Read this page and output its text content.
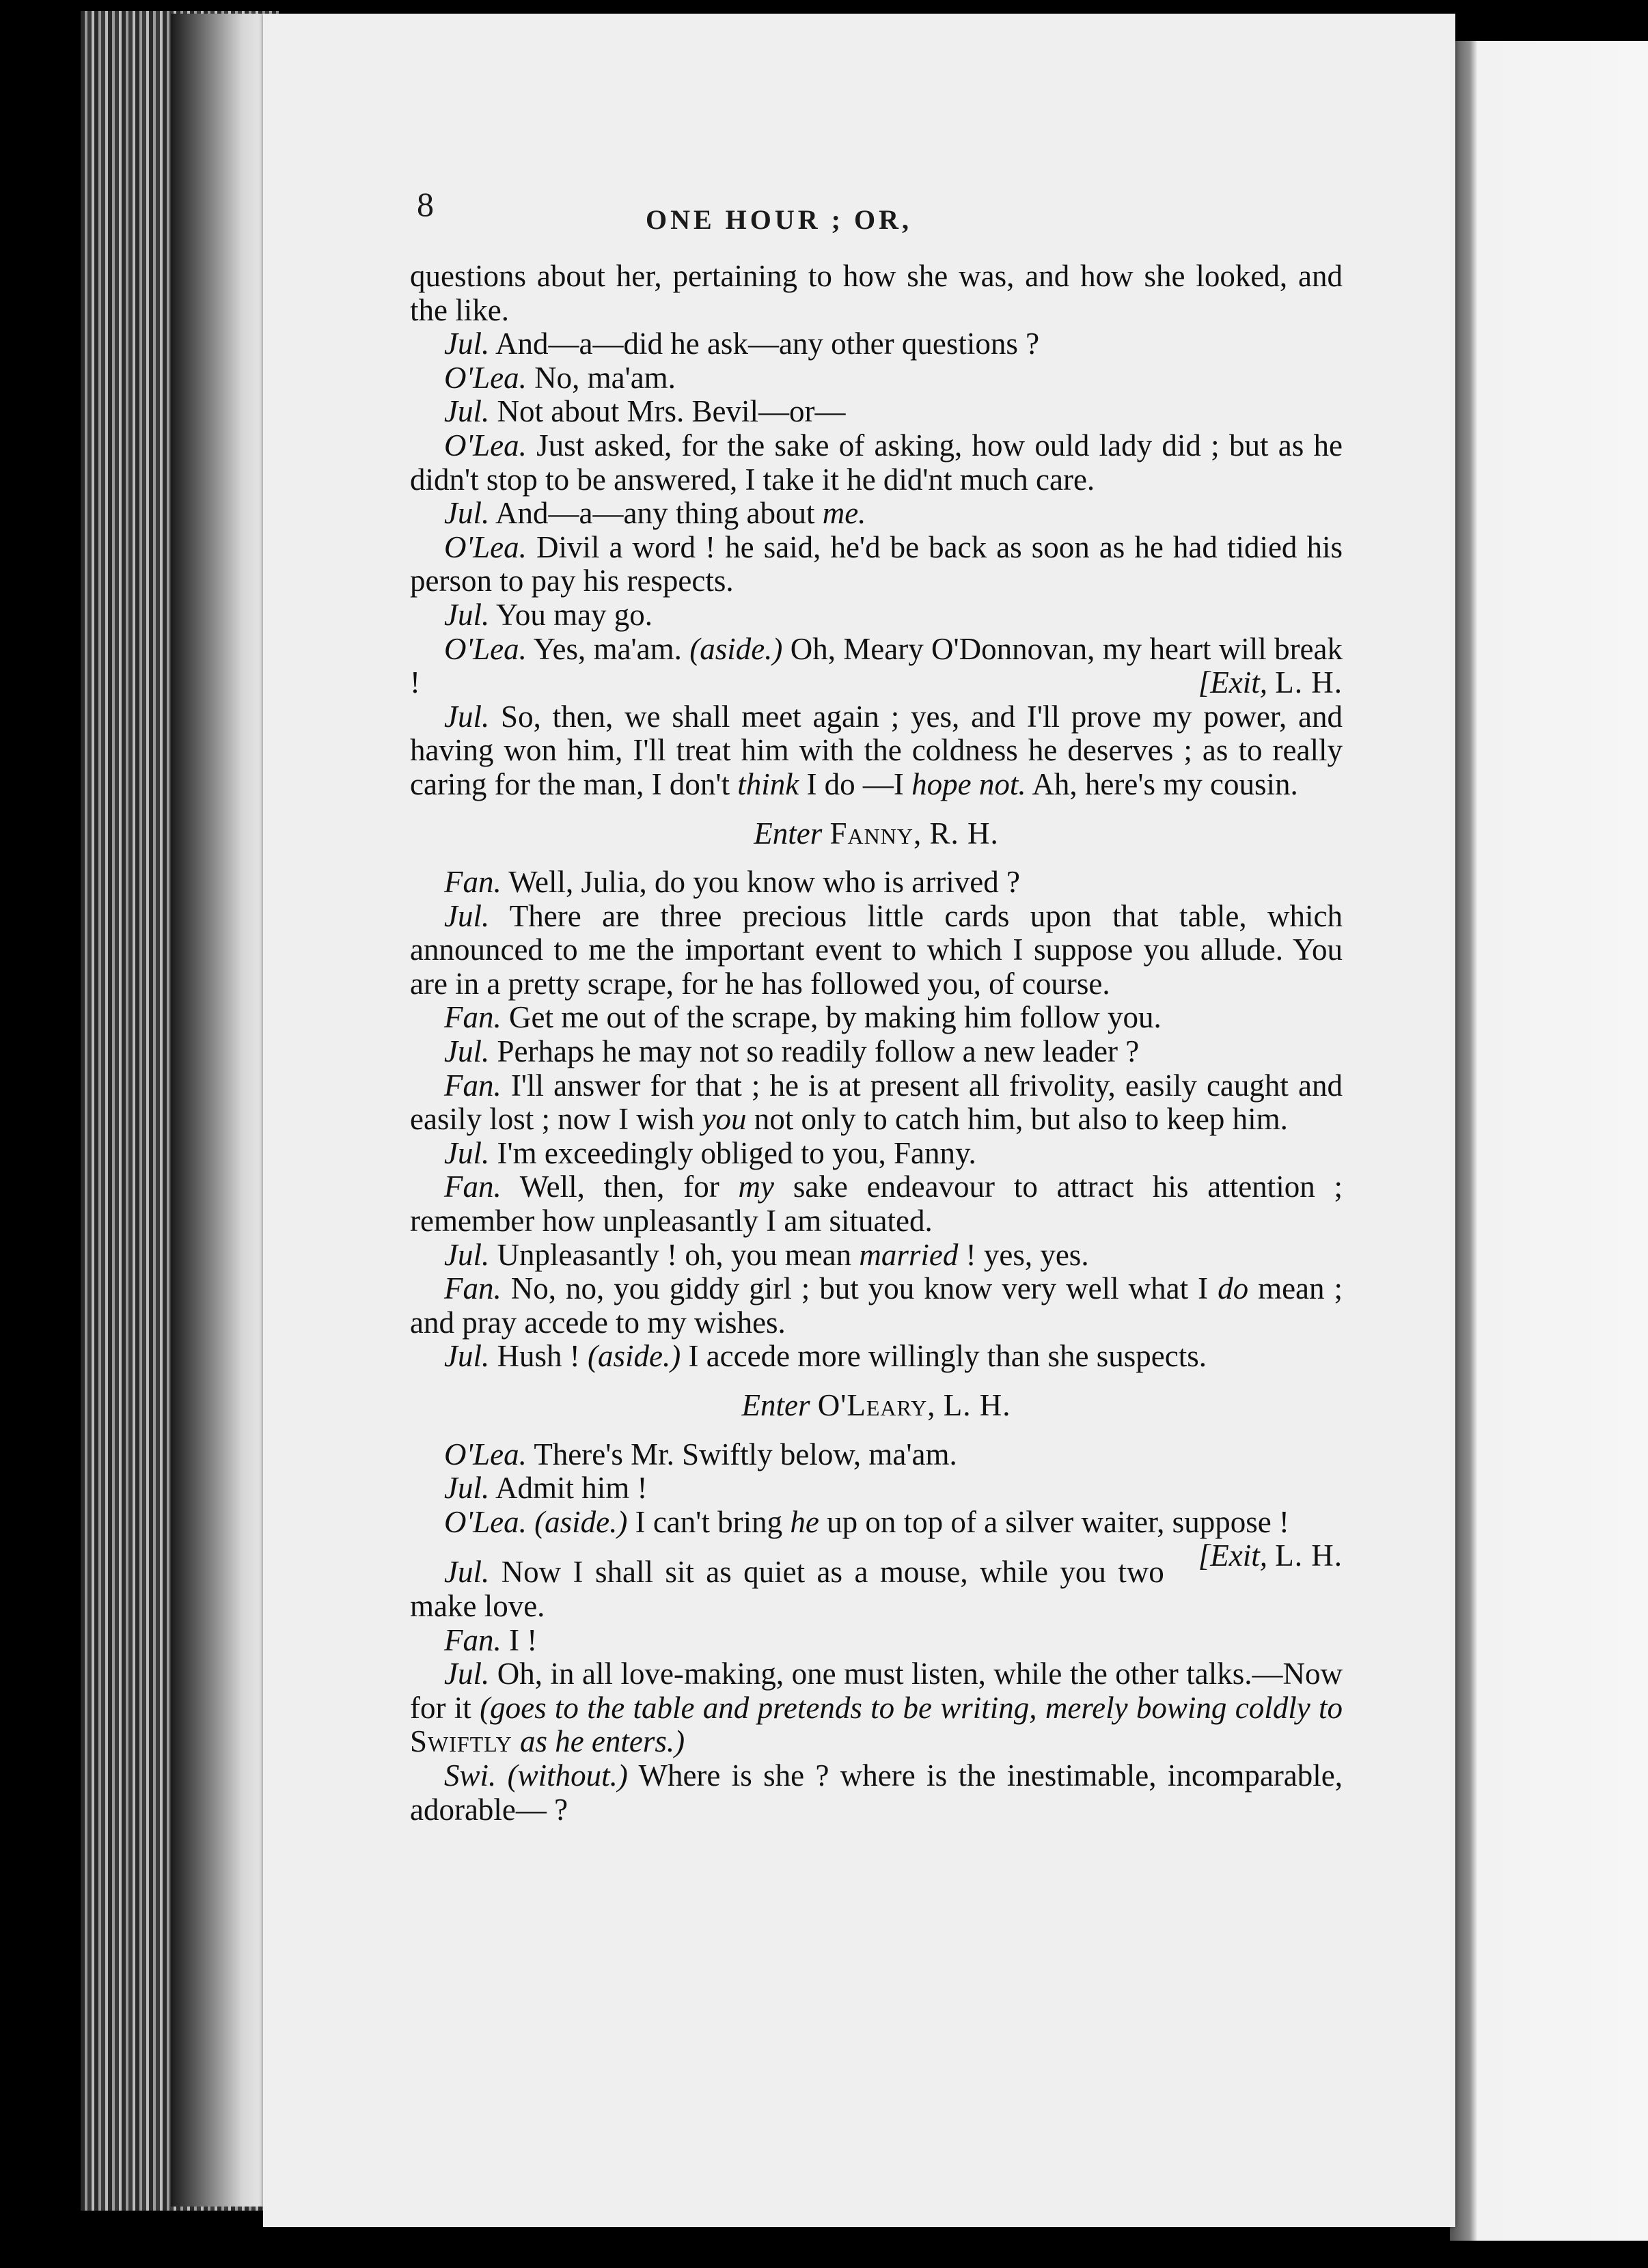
8	ONE HOUR ; OR,

questions about her, pertaining to how she was, and how she looked, and the like.

Jul. And—a—did he ask—any other questions ?

O'Lea. No, ma'am.

Jul. Not about Mrs. Bevil—or—

O'Lea. Just asked, for the sake of asking, how ould lady did ; but as he didn't stop to be answered, I take it he did'nt much care.

Jul. And—a—any thing about me.

O'Lea. Divil a word ! he said, he'd be back as soon as he had tidied his person to pay his respects.

Jul. You may go.

O'Lea. Yes, ma'am. (aside.) Oh, Meary O'Donnovan, my heart will break !	[Exit, L. H.

Jul. So, then, we shall meet again ; yes, and I'll prove my power, and having won him, I'll treat him with the coldness he deserves ; as to really caring for the man, I don't think I do —I hope not. Ah, here's my cousin.

Enter Fanny, R. H.

Fan. Well, Julia, do you know who is arrived ?

Jul. There are three precious little cards upon that table, which announced to me the important event to which I suppose you allude. You are in a pretty scrape, for he has followed you, of course.

Fan. Get me out of the scrape, by making him follow you.

Jul. Perhaps he may not so readily follow a new leader ?

Fan. I'll answer for that ; he is at present all frivolity, easily caught and easily lost ; now I wish you not only to catch him, but also to keep him.

Jul. I'm exceedingly obliged to you, Fanny.

Fan. Well, then, for my sake endeavour to attract his attention ; remember how unpleasantly I am situated.

Jul. Unpleasantly ! oh, you mean married ! yes, yes.

Fan. No, no, you giddy girl ; but you know very well what I do mean ; and pray accede to my wishes.

Jul. Hush ! (aside.) I accede more willingly than she suspects.

Enter O'Leary, L. H.

O'Lea. There's Mr. Swiftly below, ma'am.

Jul. Admit him !

O'Lea. (aside.) I can't bring he up on top of a silver waiter, suppose !
[Exit, L. H.

Jul. Now I shall sit as quiet as a mouse, while you two make love.

Fan. I !

Jul. Oh, in all love-making, one must listen, while the other talks.—Now for it (goes to the table and pretends to be writing, merely bowing coldly to Swiftly as he enters.)

Swi. (without.) Where is she ? where is the inestimable, incomparable, adorable— ?
